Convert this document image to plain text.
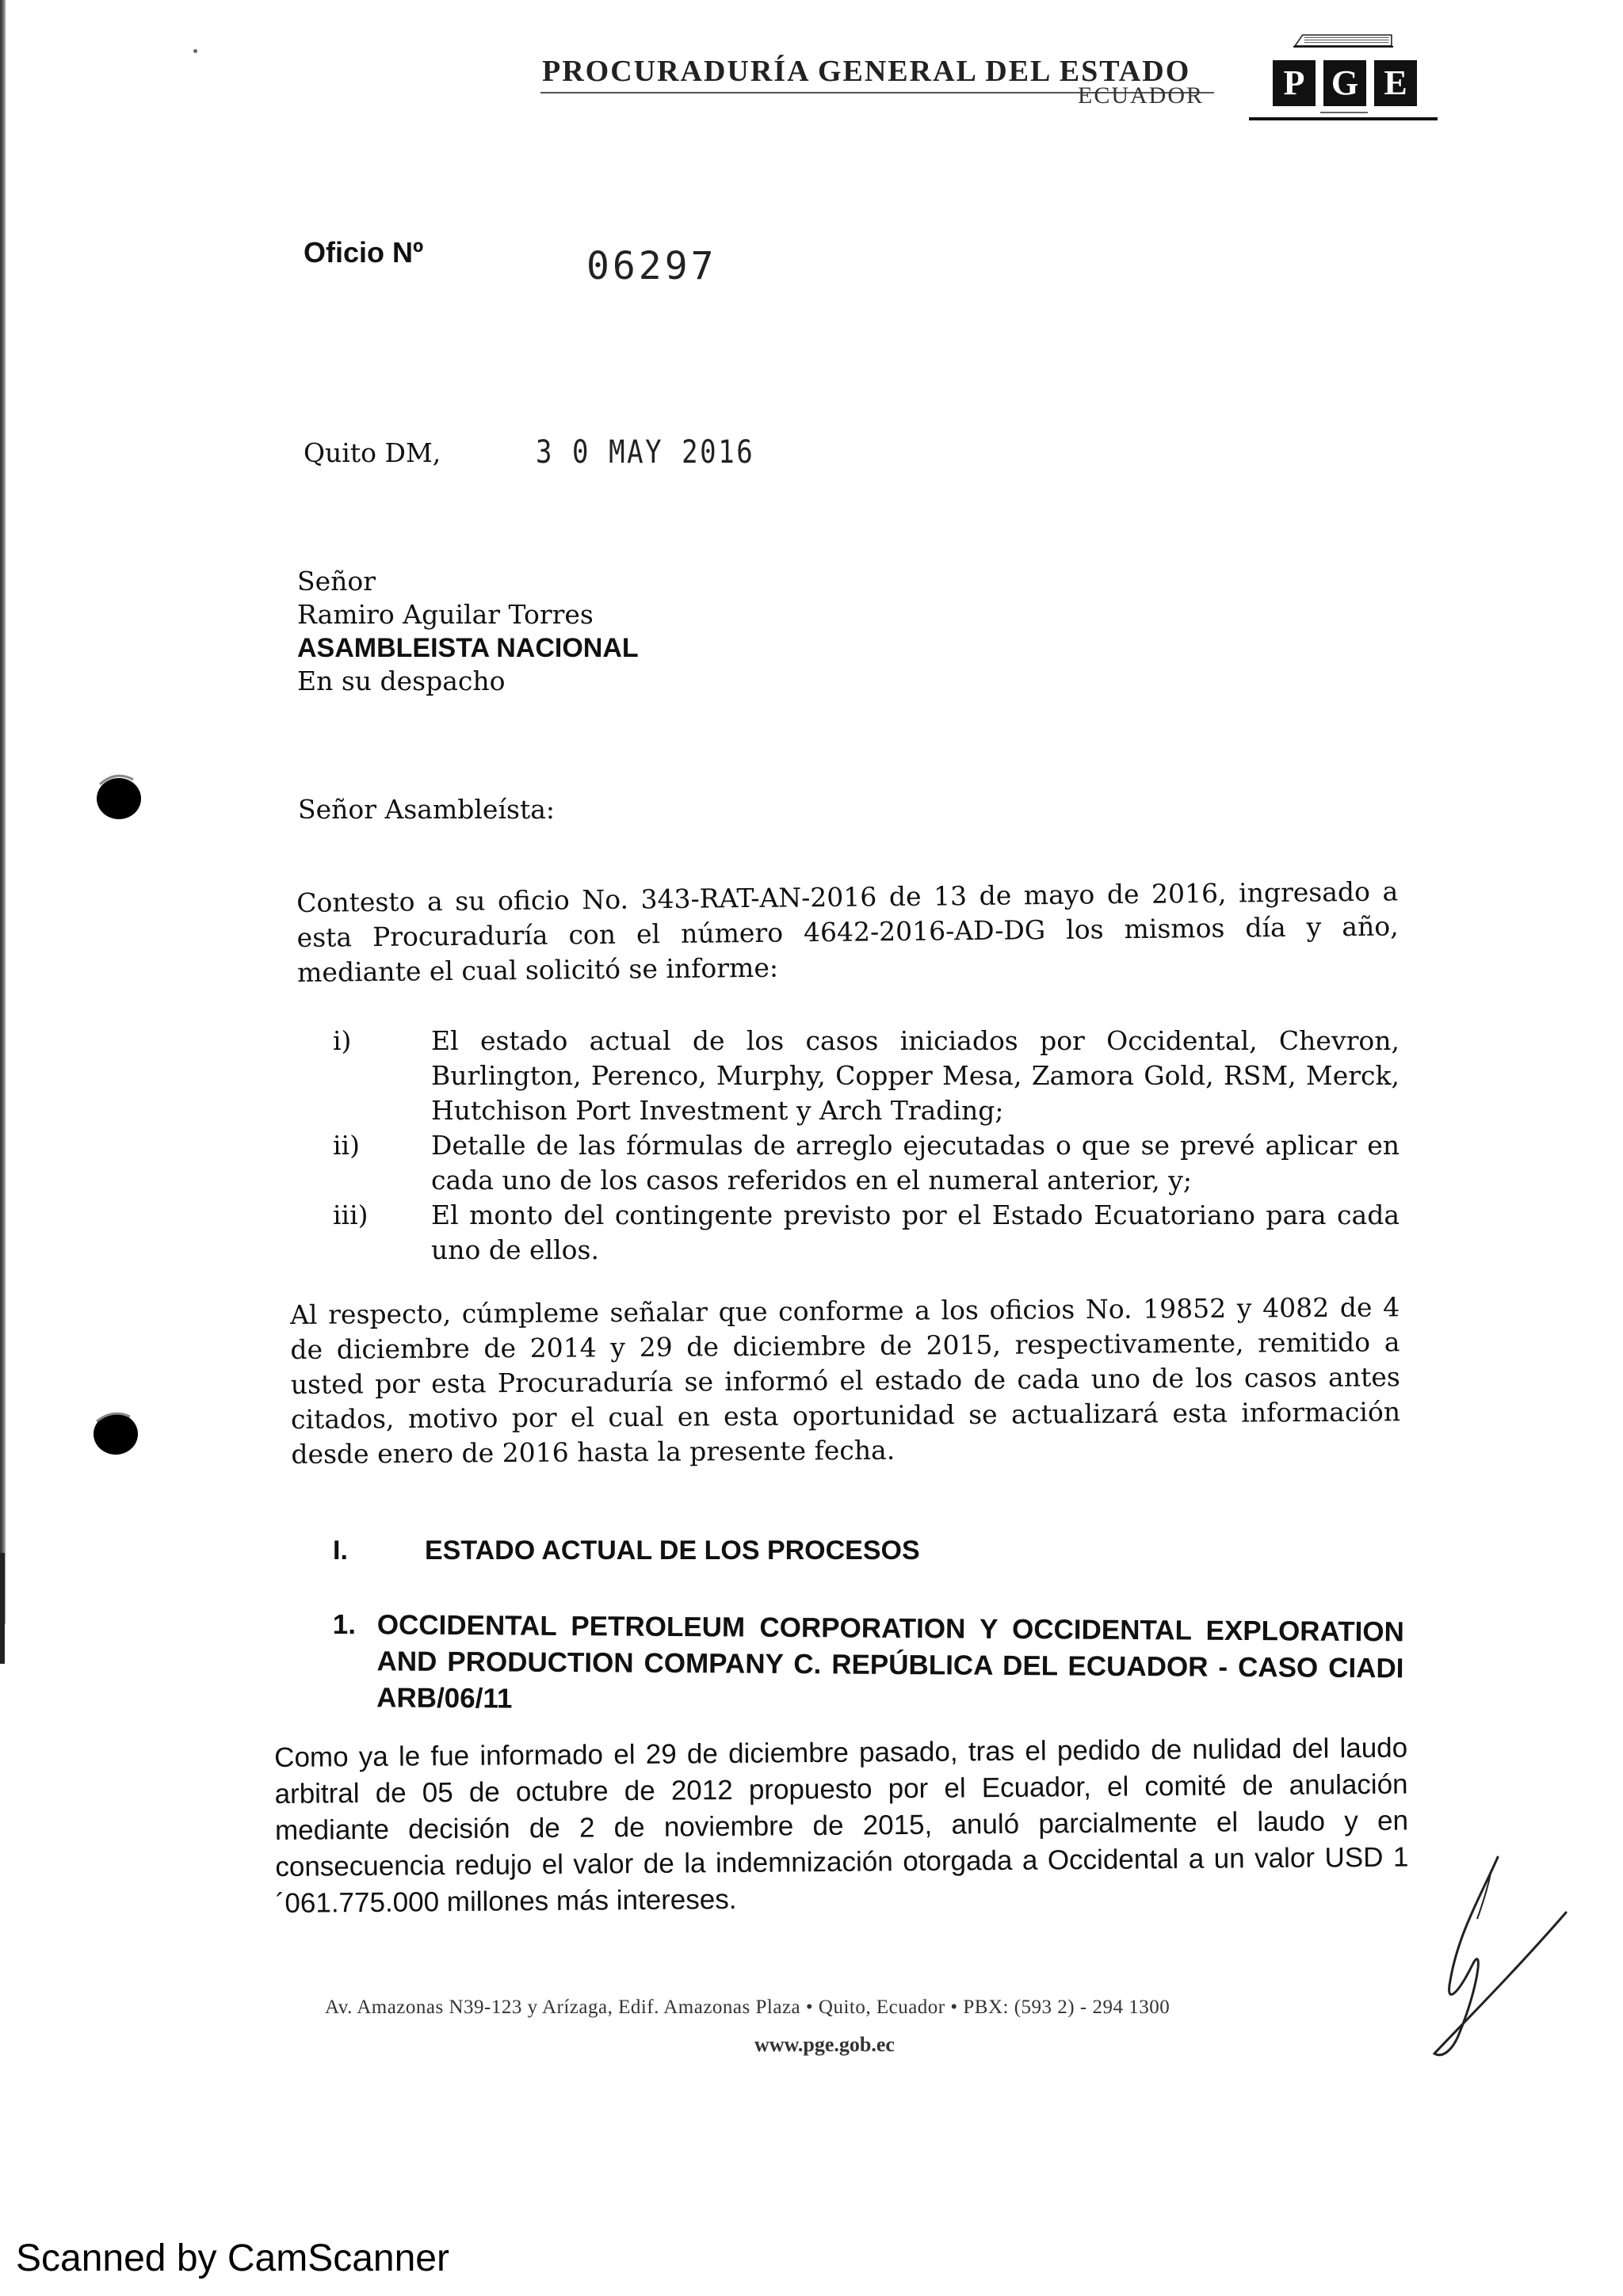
PROCURADURÍA GENERAL DEL ESTADO
ECUADOR	P G E
Oficio Nº	06297
Quito DM,	3 0 MAY 2016
Señor
Ramiro Aguilar Torres
ASAMBLEISTA NACIONAL
En su despacho
Señor Asambleísta:
Contesto a su oficio No. 343-RAT-AN-2016 de 13 de mayo de 2016, ingresado a esta Procuraduría con el número 4642-2016-AD-DG los mismos día y año, mediante el cual solicitó se informe:
i)	El estado actual de los casos iniciados por Occidental, Chevron, Burlington, Perenco, Murphy, Copper Mesa, Zamora Gold, RSM, Merck, Hutchison Port Investment y Arch Trading;
ii)	Detalle de las fórmulas de arreglo ejecutadas o que se prevé aplicar en cada uno de los casos referidos en el numeral anterior, y;
iii) El monto del contingente previsto por el Estado Ecuatoriano para cada uno de ellos.
Al respecto, cúmpleme señalar que conforme a los oficios No. 19852 y 4082 de 4 de diciembre de 2014 y 29 de diciembre de 2015, respectivamente, remitido a usted por esta Procuraduría se informó el estado de cada uno de los casos antes citados, motivo por el cual en esta oportunidad se actualizará esta información desde enero de 2016 hasta la presente fecha.
I.	ESTADO ACTUAL DE LOS PROCESOS
1. OCCIDENTAL PETROLEUM CORPORATION Y OCCIDENTAL EXPLORATION AND PRODUCTION COMPANY C. REPÚBLICA DEL ECUADOR - CASO CIADI ARB/06/11
Como ya le fue informado el 29 de diciembre pasado, tras el pedido de nulidad del laudo arbitral de 05 de octubre de 2012 propuesto por el Ecuador, el comité de anulación mediante decisión de 2 de noviembre de 2015, anuló parcialmente el laudo y en consecuencia redujo el valor de la indemnización otorgada a Occidental a un valor USD 1´061.775.000 millones más intereses.
Av. Amazonas N39-123 y Arízaga, Edif. Amazonas Plaza • Quito, Ecuador • PBX: (593 2) - 294 1300
www.pge.gob.ec
Scanned by CamScanner
